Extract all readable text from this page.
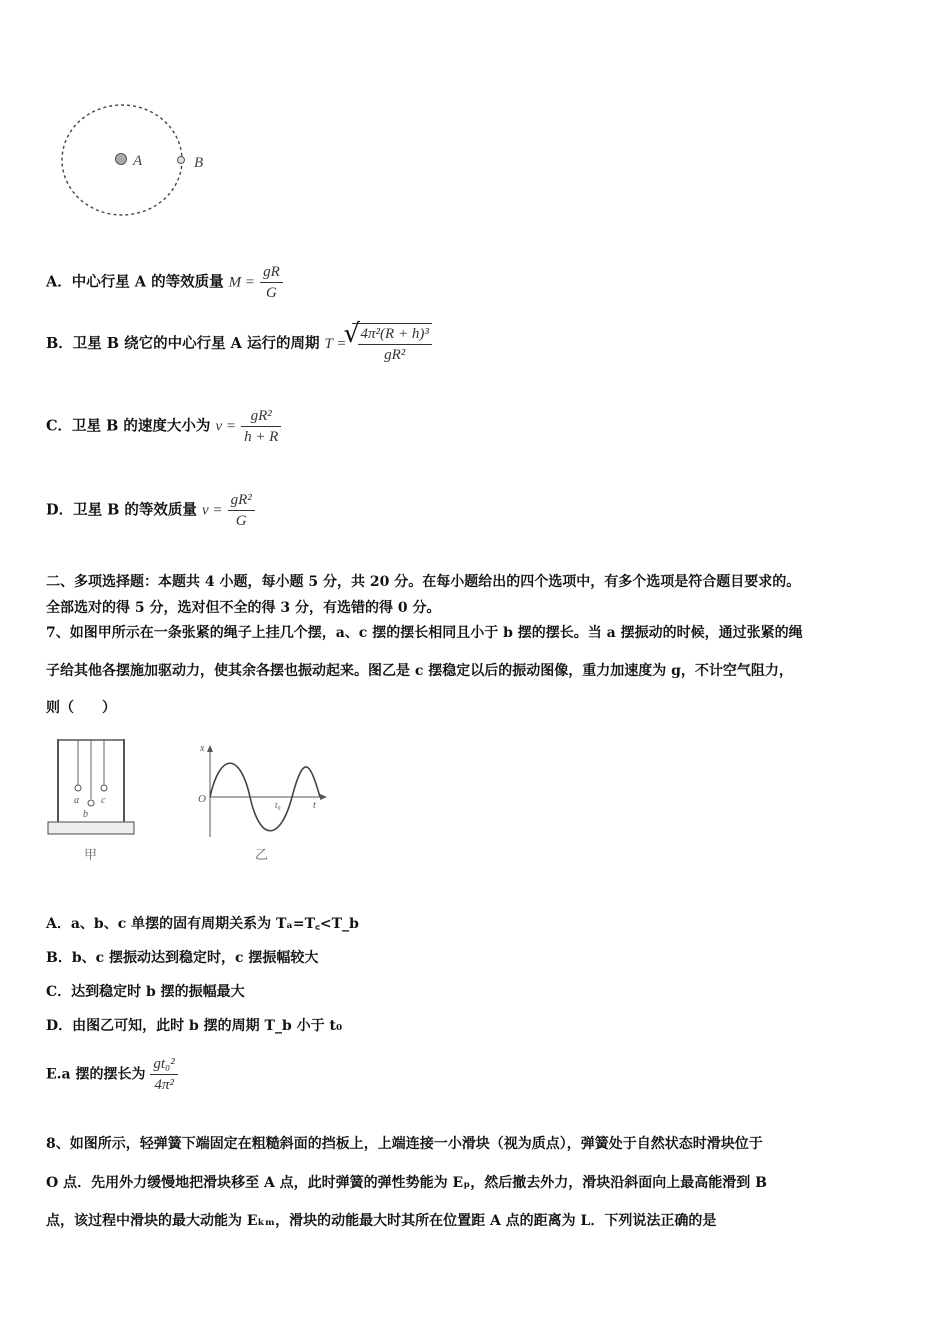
A	B
A．中心行星 A 的等效质量 $M = \frac{gR}{G}$
B．卫星 B 绕它的中心行星 A 运行的周期 T =
√
$\frac{\text{4π²(R + h)³}}{\text{gR²}}$
C．卫星 B 的速度大小为 $v = \frac{\text{gR²}}{h + R}$
D．卫星 B 的等效质量 $v = \frac{\text{gR²}}{G}$
二、多项选择题：本题共 4 小题，每小题 5 分，共 20 分。在每小题给出的四个选项中，有多个选项是符合题目要求的。
全部选对的得 5 分，选对但不全的得 3 分，有选错的得 0 分。
7、如图甲所示在一条张紧的绳子上挂几个摆，a、c 摆的摆长相同且小于 b 摆的摆长。当 a 摆振动的时候，通过张紧的绳
子给其他各摆施加驱动力，使其余各摆也振动起来。图乙是 c 摆稳定以后的振动图像，重力加速度为 g，不计空气阻力，
则（　　）
a
b
c
甲
x
O
t
t₀
乙
A．a、b、c 单摆的固有周期关系为 Tₐ=T꜀<T_b
B．b、c 摆振动达到稳定时，c 摆振幅较大
C．达到稳定时 b 摆的振幅最大
D．由图乙可知，此时 b 摆的周期 T_b 小于 t₀
E.a 摆的摆长为 $\frac{\text{gt₀²}}{\text{4π²}}$
8、如图所示，轻弹簧下端固定在粗糙斜面的挡板上，上端连接一小滑块（视为质点），弹簧处于自然状态时滑块位于
O 点．先用外力缓慢地把滑块移至 A 点，此时弹簧的弹性势能为 Eₚ，然后撤去外力，滑块沿斜面向上最高能滑到 B
点，该过程中滑块的最大动能为 Eₖₘ，滑块的动能最大时其所在位置距 A 点的距离为 L．下列说法正确的是
